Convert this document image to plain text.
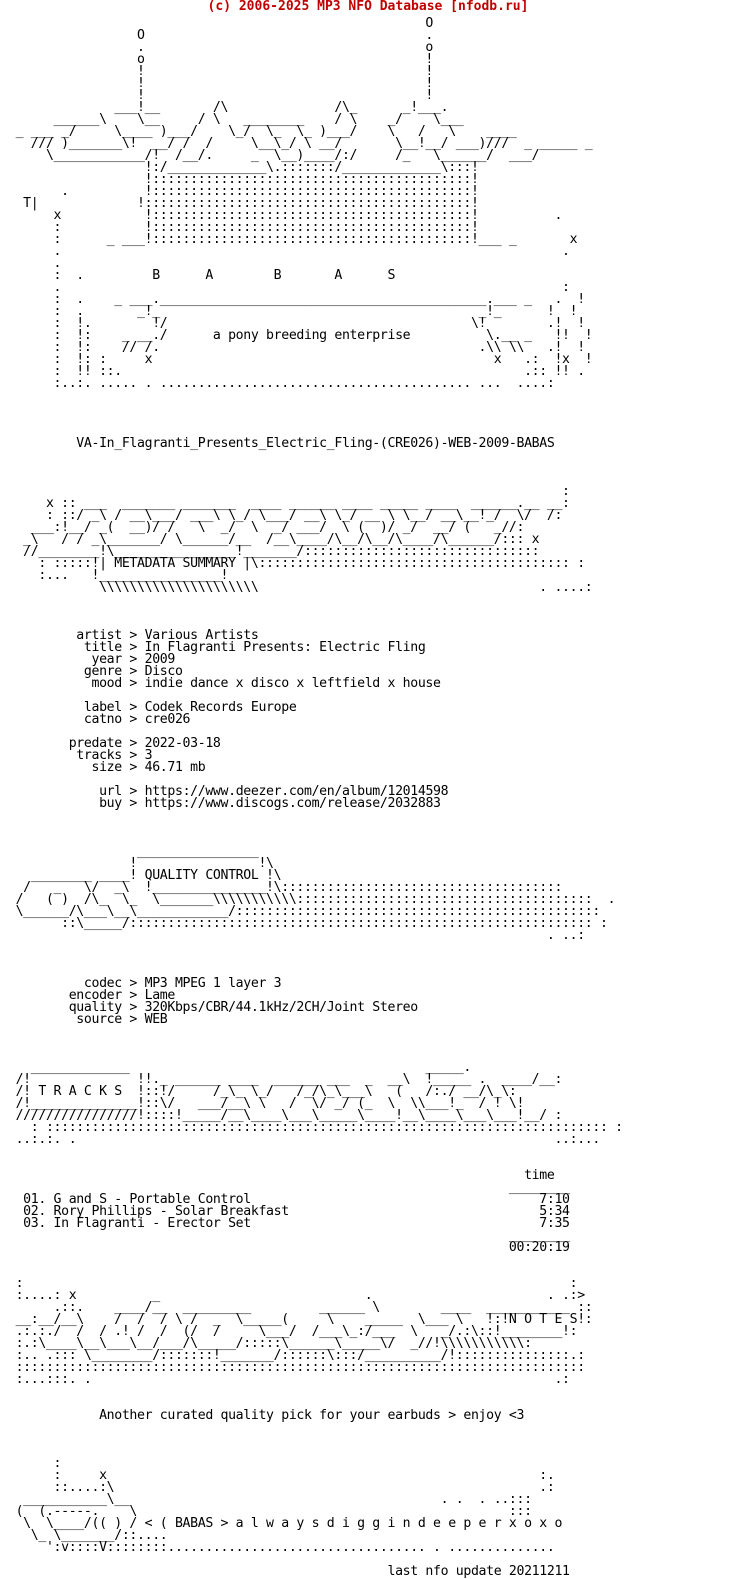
(c) 2006-2025 MP3 NFO Database [nfodb.ru]

O
O                                     .
.                                     o
o                                     !
!                                     !
!                                     !
!                                     !
___!__       /\              /\_      _!___.
______\    \__     / \   ________    / \    _/    \___
_ ___ _/     \____ )___/    \_/  \_  \_ )___/    \   /   \    ____
/// )_______\!  __/ /  /     \__\_/ \ __/       \__!__/ ___)///  _ _____ _
\____________/!  /__/.     _  \__)____/:/     /_   \______/  ___/
!:/_____________\.:::::::/_____________\:::!
!::::::::::::::::::::::::::::::::::::::::::!
.          !::::::::::::::::::::::::::::::::::::::::::!
T|             !:::::::::::::::::::::::::::::::::::::::::::!
x           !::::::::::::::::::::::::::::::::::::::::::!          .
:           !::::::::::::::::::::::::::::::::::::::::::!
:      _ ___!::::::::::::::::::::::::::::::::::::::::::!___ _       x
.                                                                  .
.
:  .         B      A        B       A      S
.                                                                  :
:  .    _ ___.___________________________________________.___ _   .  !
:  .       _!_                                          _!_      !  !
:  !.        !/                                        \!        .!  !
:  !:    _ __./      a pony breeding enterprise          \.__ _   !!  !
:  !:    // /.                                          .\\ \\   .!  !
:  !: :     x                                             x   .:  !x  !
:  !! ::.                                                     .:: !! .
:..:. ..... . ......................................... ...  ....:

VA-In_Flagranti_Presents_Electric_Fling-(CRE026)-WEB-2009-BABAS

:
x :: ___  _______ _______  ____ ______ ____ _____ ____  ______.__ __:
: ::/ _\ / __\___/ ___\ \_/ \___/ __\ \_/ __ \ \__/ __\__!_/  \/  /:
___:!__/ _(  __)/ /   \  _/  \  _/ ___/  \ (  )/ _/  __/ (   _//:
_\   / / _\_______/ \______/__  /__\____/\__/\__/\____/\______/::: x
//________!\________________!_______/:::::::::::::::::::::::::::::::
: :::::!| METADATA SUMMARY |\::::::::::::::::::::::::::::::::::::::::: :
:...   !________________!
\\\\\\\\\\\\\\\\\\\\\                                     . ....:

artist > Various Artists
title > In Flagranti Presents: Electric Fling
year > 2009
genre > Disco
mood > indie dance x disco x leftfield x house

label > Codek Records Europe
catno > cre026

predate > 2022-03-18
tracks > 3
size > 46.71 mb

url > https://www.deezer.com/en/album/12014598
buy > https://www.discogs.com/release/2032883

________________
!                !\
________ ____! QUALITY CONTROL !\
/   _   \/  _\  !_______________!\:::::::::::::::::::::::::::::::::::::
/   ( )  /\_  \_  \_______\\\\\\\\\\\:::::::::::::::::::::::::::::::::::::::  .
\______/\___\__\____________/::::::::::::::::::::::::::::::::::::::::::::::::
::\_____/::::::::::::::::::::::::::::::::::::::::::::::::::::::::::::: :
. ..:

codec > MP3 MPEG 1 layer 3
encoder > Lame
quality > 320Kbps/CBR/44.1kHz/2CH/Joint Stereo
source > WEB

_____________                                       _____.
/!              !!._ ______ ____  ______ ___  _  __\  !_____ .  ____/__:
/! T R A C K S  !::!/     /_\_ \_/   /_/\_\___\   (   /:./ __/\_\:
/!______________!::\/   ___/__\ \   /  \/ _/ (_  \  \\___!_  / ! \!
////////////////!::::!_____/__\____\___\_____\____!__\____\___\___!__/ :
: :::::::::::::::::::::::::::::::::::::::::::::::::::::::::::::::::::::::::: :
..:.:. .                                                               ..:...

time
________
01. G and S - Portable Control                                      7:10
02. Rory Phillips - Solar Breakfast                                 5:34
03. In Flagranti - Erector Set                                      7:35
________
00:20:19

:                                                                        :
:....: x          _                           .                       . .:>
.::.    ____/__  _________         ______ \        ____  ___________ ::
__:__/__\    /  /  / \ /  _  \_____(     \    _____  \___ \   !:!N O T E S!:
.:.:./  /  / .! /  /  (/  /     \___/  /___\_:/___  \   _/.:\::!________!:
:.:\____\__\___\__/___/\_____/:::::\______\_____\/  _//!\\\\\\\\\\\:
:.. .::: \________/:::::::!_______/::::::\:::/__________/!:::::::::::::::.:
:::::::::::::::::::::::::::::::::::::::::::::::::::::::::::::::::::::::::::
:...:::. .                                                             .:

Another curated quality pick for your earbuds > enjoy <3

:
:     x                                                         :.
::....:\                                                        .:
___________\__                                         . .  . ..:::
(  (.-----.    \                                                 :::
\  \____/(( ) / < ( BABAS > a l w a y s d i g g i n d e e p e r x o x o
\_ \_______/::....
':v::::V::::::::.................................. . ..............

last nfo update 20211211
